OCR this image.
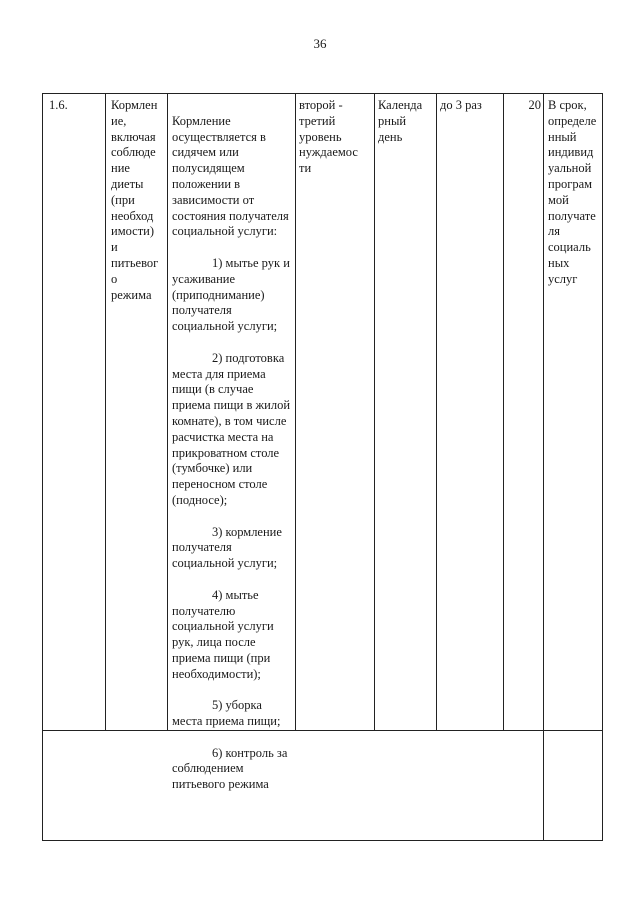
36
1.6.	Кормлен
ие,
включая
соблюде
ние
диеты
(при
необход
имости)
и
питьевог
о
режима

Кормление осуществляется в сидячем или полусидящем положении в зависимости от состояния получателя социальной услуги:

1) мытье рук и усаживание (приподнимание) получателя социальной услуги;

2) подготовка места для приема пищи (в случае приема пищи в жилой комнате), в том числе расчистка места на прикроватном столе (тумбочке) или переносном столе (подносе);

3) кормление получателя социальной услуги;

4) мытье получателю социальной услуги рук, лица после приема пищи (при необходимости);

5) уборка места приема пищи;

6) контроль за соблюдением питьевого режима

второй -
третий
уровень
нуждаемос
ти
Календа
рный
день
до 3 раз	20 В срок,
определе
нный
индивид
уальной
програм
мой
получате
ля
социаль
ных
услуг
